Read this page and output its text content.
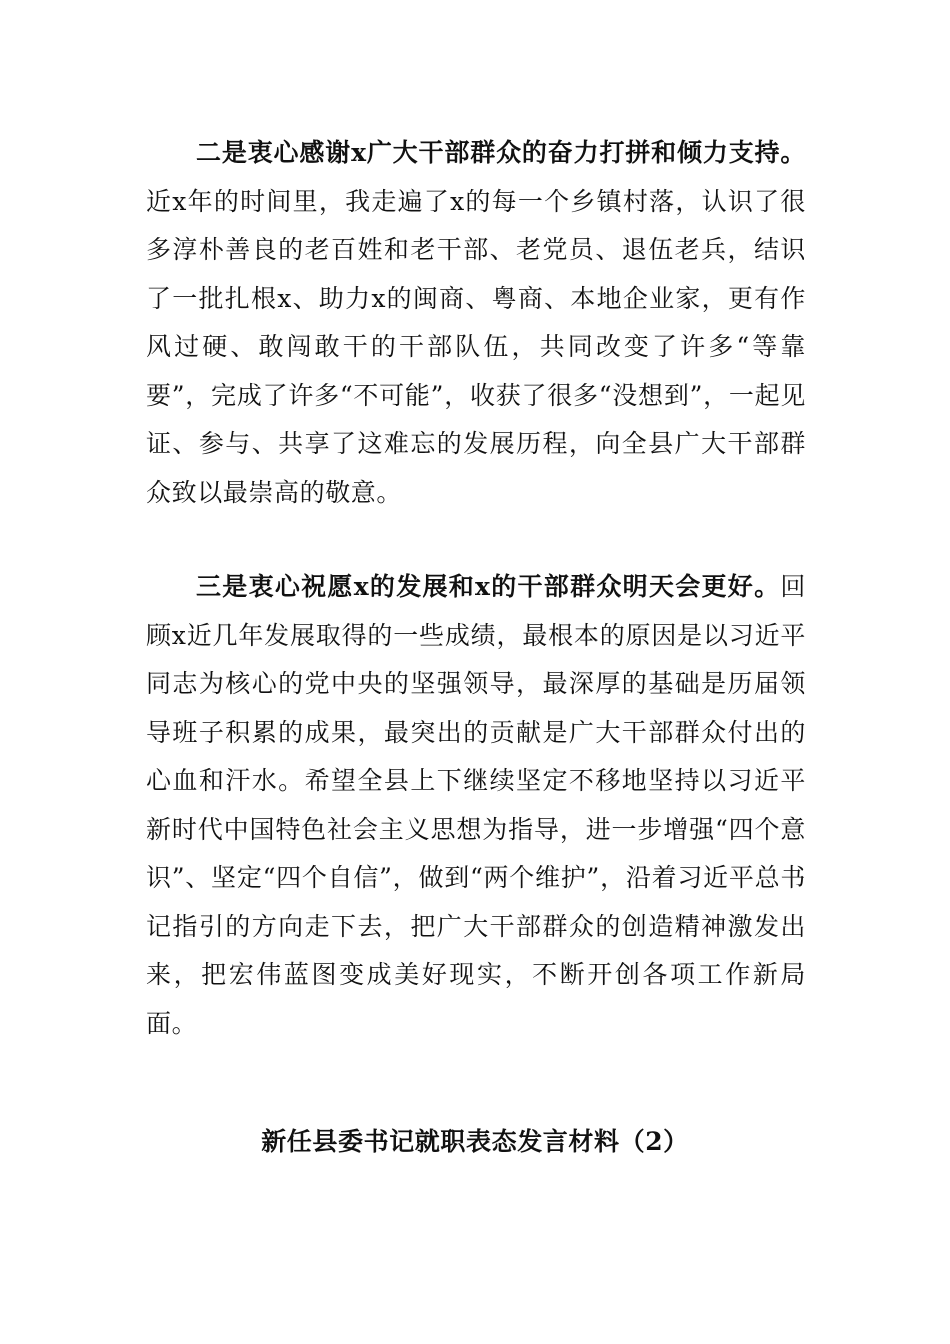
二是衷心感谢x广大干部群众的奋力打拼和倾力支持。近x年的时间里，我走遍了x的每一个乡镇村落，认识了很多淳朴善良的老百姓和老干部、老党员、退伍老兵，结识了一批扎根x、助力x的闽商、粤商、本地企业家，更有作风过硬、敢闯敢干的干部队伍，共同改变了许多“等靠要”，完成了许多“不可能”，收获了很多“没想到”，一起见证、参与、共享了这难忘的发展历程，向全县广大干部群众致以最崇高的敬意。

三是衷心祝愿x的发展和x的干部群众明天会更好。回顾x近几年发展取得的一些成绩，最根本的原因是以习近平同志为核心的党中央的坚强领导，最深厚的基础是历届领导班子积累的成果，最突出的贡献是广大干部群众付出的心血和汗水。希望全县上下继续坚定不移地坚持以习近平新时代中国特色社会主义思想为指导，进一步增强“四个意识”、坚定“四个自信”，做到“两个维护”，沿着习近平总书记指引的方向走下去，把广大干部群众的创造精神激发出来，把宏伟蓝图变成美好现实，不断开创各项工作新局面。

新任县委书记就职表态发言材料（2）
